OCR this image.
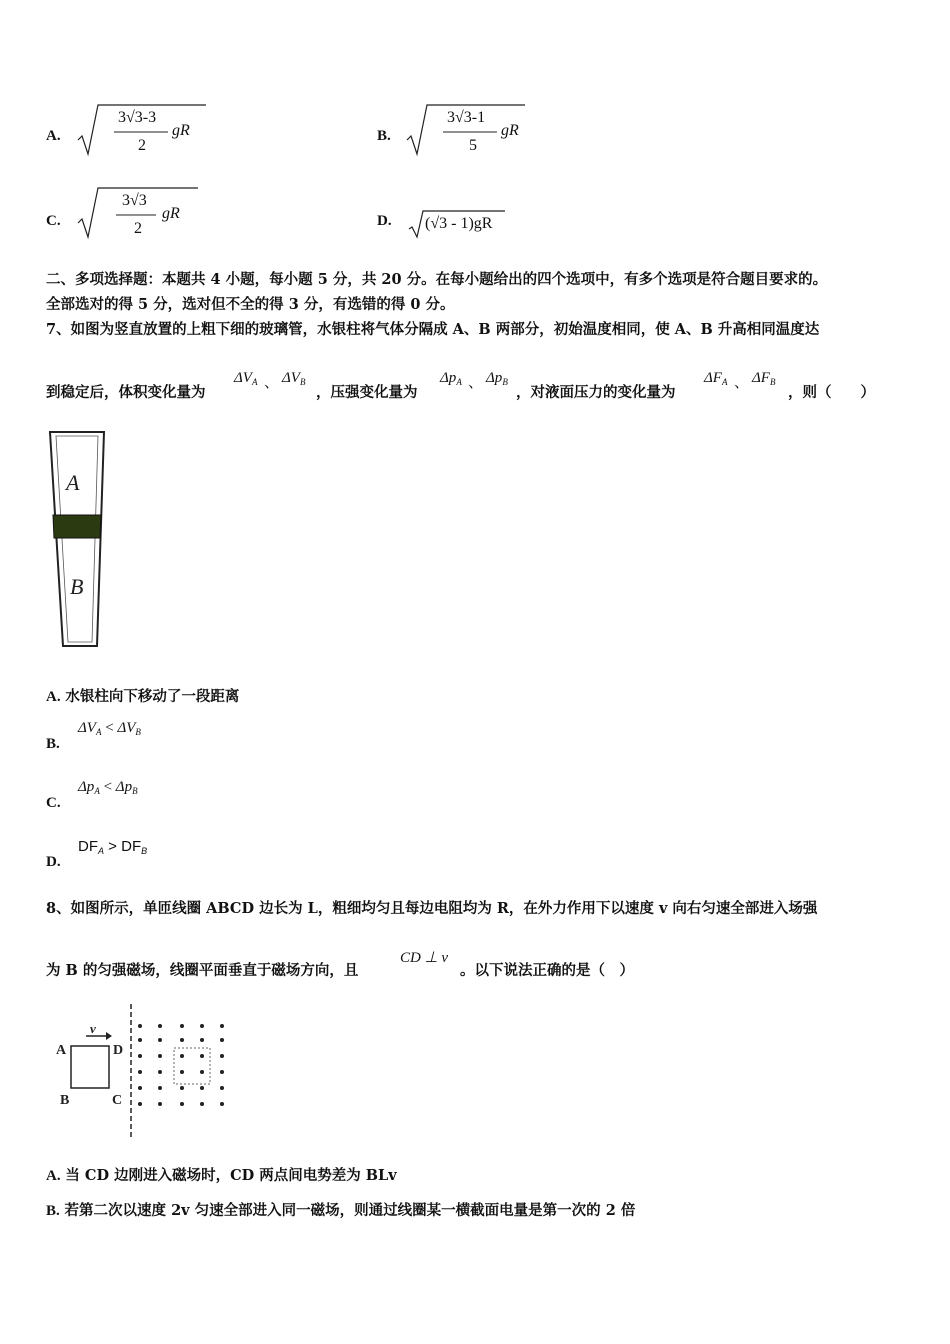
A.
3√3-3
2
gR	B.
3√3-1
5
gR
C.
3√3
2
gR	D. (√3 - 1)gR
二、多项选择题：本题共 4 小题，每小题 5 分，共 20 分。在每小题给出的四个选项中，有多个选项是符合题目要求的。
全部选对的得 5 分，选对但不全的得 3 分，有选错的得 0 分。
7、如图为竖直放置的上粗下细的玻璃管，水银柱将气体分隔成 A、B 两部分，初始温度相同，使 A、B 升高相同温度达
到稳定后，体积变化量为
$\Delta V_A$ 、 $\Delta V_B$
，压强变化量为
$\Delta p_A$ 、 $\Delta p_B$
，对液面压力的变化量为
$\Delta F_A$ 、 $\Delta F_B$
，则（　　）
A
B
A. 水银柱向下移动了一段距离
B.
$\Delta V_A < \Delta V_B$
C.
$\Delta p_A < \Delta p_B$
D.
$DF_A > DF_B$
8、如图所示，单匝线圈 ABCD 边长为 L，粗细均匀且每边电阻均为 R，在外力作用下以速度 v 向右匀速全部进入场强
为 B 的匀强磁场，线圈平面垂直于磁场方向，且
CD ⊥ v
。以下说法正确的是（　）
v
A	D
B	C
A. 当 CD 边刚进入磁场时，CD 两点间电势差为 BLv
B. 若第二次以速度 2v 匀速全部进入同一磁场，则通过线圈某一横截面电量是第一次的 2 倍
